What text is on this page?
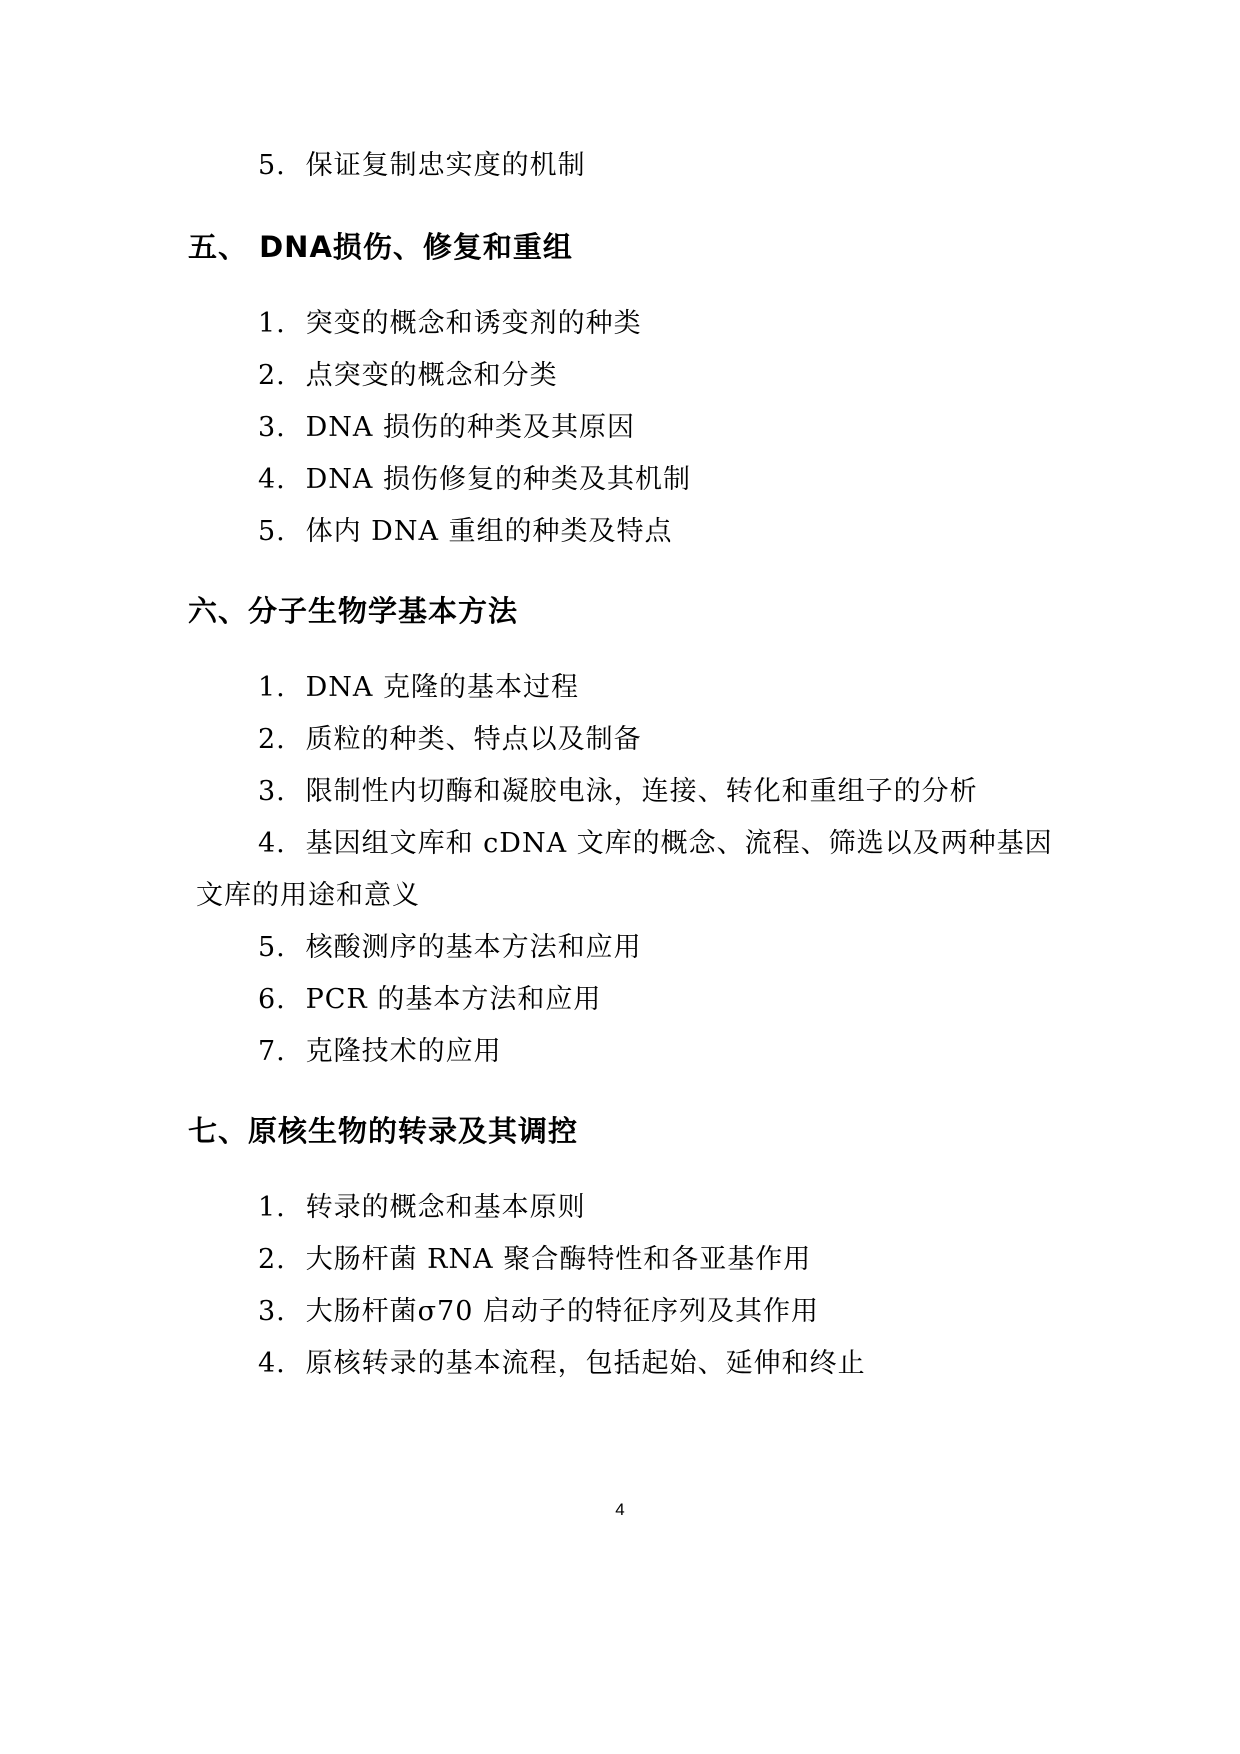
5. 保证复制忠实度的机制
五、 DNA损伤、修复和重组
1. 突变的概念和诱变剂的种类
2. 点突变的概念和分类
3. DNA 损伤的种类及其原因
4. DNA 损伤修复的种类及其机制
5. 体内 DNA 重组的种类及特点
六、分子生物学基本方法
1. DNA 克隆的基本过程
2. 质粒的种类、特点以及制备
3. 限制性内切酶和凝胶电泳，连接、转化和重组子的分析
4. 基因组文库和 cDNA 文库的概念、流程、筛选以及两种基因
文库的用途和意义
5. 核酸测序的基本方法和应用
6. PCR 的基本方法和应用
7. 克隆技术的应用
七、原核生物的转录及其调控
1. 转录的概念和基本原则
2. 大肠杆菌 RNA 聚合酶特性和各亚基作用
3. 大肠杆菌σ70 启动子的特征序列及其作用
4. 原核转录的基本流程，包括起始、延伸和终止
4
